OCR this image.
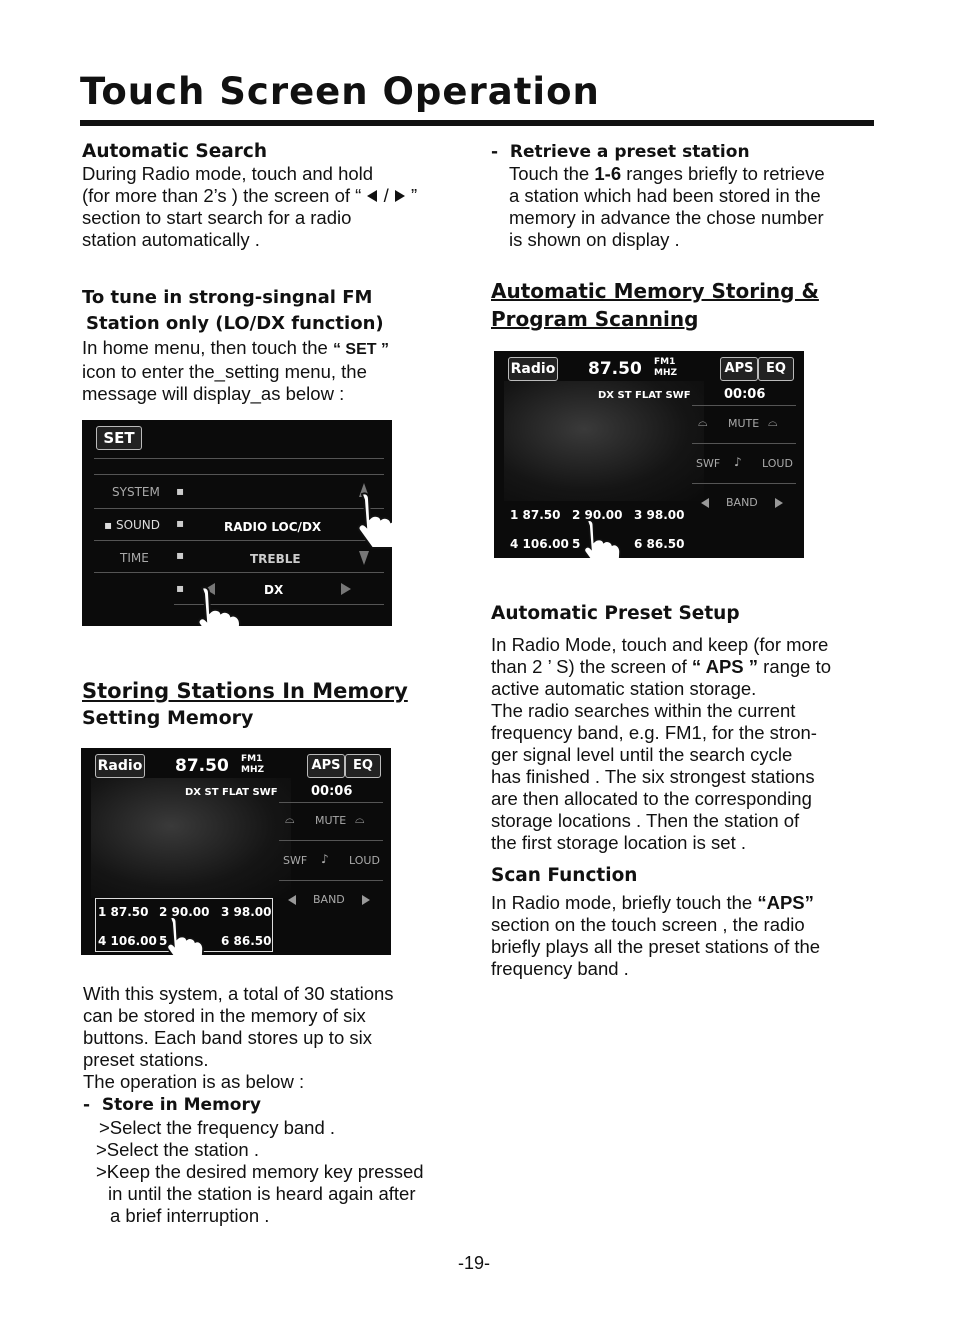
Touch Screen Operation
Automatic Search

During Radio mode, touch and hold

(for more than 2’s ) the screen of “ / ”

section to start search for a radio

station automatically .

To tune in strong-singnal FM
Station only (LO/DX function)

In home menu, then touch the “ SET ”

icon to enter the_setting menu, the

message will display_as below :

SET
SYSTEM
▪ SOUND
TIME
▪
▪
▪
▪
RADIO LOC/DX
TREBLE
DX
Storing Stations In Memory
Setting Memory
Radio 87.50 FM1
MHZ	APS EQ
DX ST FLAT SWF	00:06
MUTE
⌓	⌓
SWF ♪ LOUD
BAND
1 87.50 2 90.00 3 98.00
4 106.00 5	6 86.50

With this system, a total of 30 stations

can be stored in the memory of six

buttons. Each band stores up to six

preset stations.

The operation is as below :

-  Store in Memory

>Select the frequency band .

>Select the station .

>Keep the desired memory key pressed

in until the station is heard again after

a brief interruption .

-  Retrieve a preset station

Touch the 1-6 ranges briefly to retrieve

a station which had been stored in the

memory in advance the chose number

is shown on display .

Automatic Memory Storing &
Program Scanning
Radio 87.50 FM1
MHZ	APS EQ
DX ST FLAT SWF	00:06
MUTE
⌓	⌓
SWF ♪ LOUD
BAND
1 87.50 2 90.00 3 98.00
4 106.00 5	6 86.50
Automatic Preset Setup

In Radio Mode, touch and keep (for more

than 2 ’ S) the screen of “ APS ” range to

active automatic station storage.

The radio searches within the current

frequency band, e.g. FM1, for the stron-

ger signal level until the search cycle

has finished . The six strongest stations

are then allocated to the corresponding

storage locations . Then the station of

the first storage location is set .

Scan Function

In Radio mode, briefly touch the “APS”

section on the touch screen , the radio

briefly plays all the preset stations of the

frequency band .

-19-
